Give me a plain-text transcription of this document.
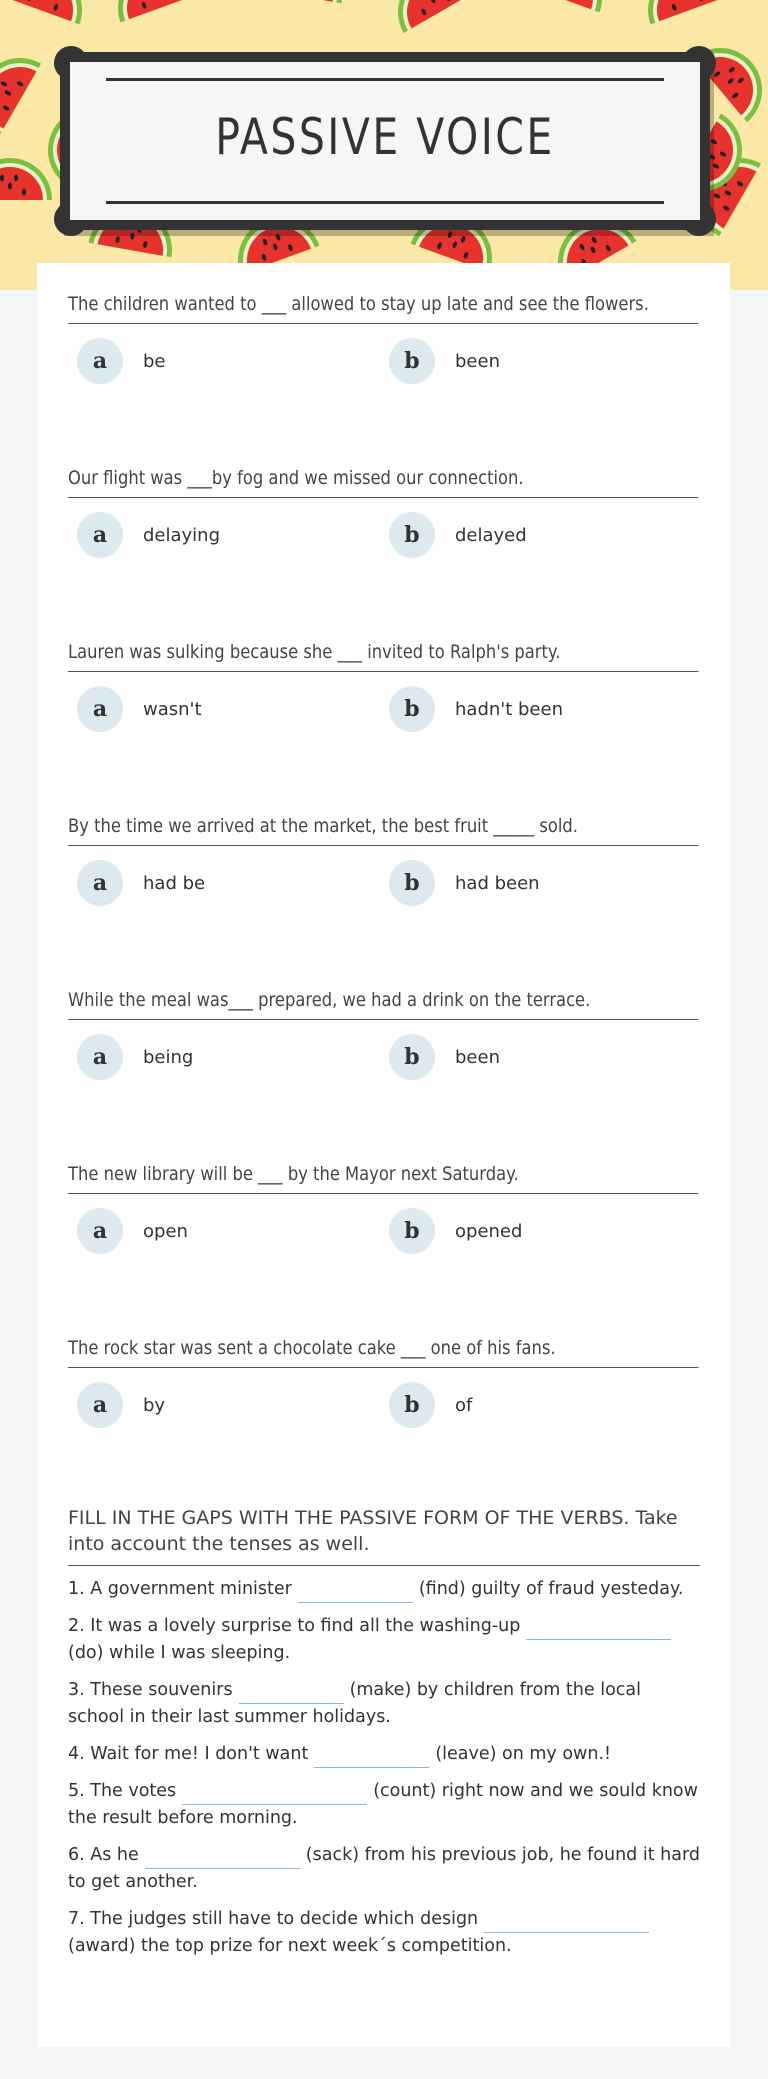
PASSIVE VOICE
The children wanted to ___ allowed to stay up late and see the flowers.
a	be	b	been
Our flight was ___by fog and we missed our connection.
a	delaying	b	delayed
Lauren was sulking because she ___ invited to Ralph's party.
a	wasn't	b	hadn't been
By the time we arrived at the market, the best fruit _____ sold.
a	had be	b	had been
While the meal was___ prepared, we had a drink on the terrace.
a	being	b	been
The new library will be ___ by the Mayor next Saturday.
a	open	b	opened
The rock star was sent a chocolate cake ___ one of his fans.
a	by	b	of
FILL IN THE GAPS WITH THE PASSIVE FORM OF THE VERBS. Take into account the tenses as well.
1. A government minister	(find) guilty of fraud yesteday.
2. It was a lovely surprise to find all the washing-up(do) while I was sleeping.
3. These souvenirs	(make) by children from the local school in their last summer holidays.
4. Wait for me! I don't want	(leave) on my own.!
5. The votes	(count) right now and we sould know the result before morning.
6. As he	(sack) from his previous job, he found it hard to get another.
7. The judges still have to decide which design(award) the top prize for next week´s competition.
